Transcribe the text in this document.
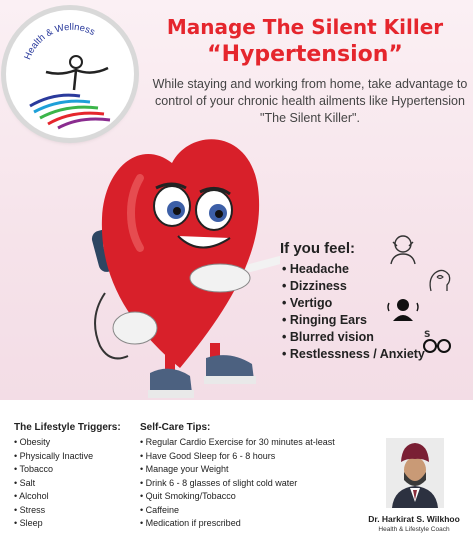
Health & Wellness	Manage The Silent Killer
“Hypertension”
While staying and working from home, take advantage to control of your chronic health ailments like Hypertension "The Silent Killer".
If you feel:
• Headache
• Dizziness
• Vertigo
• Ringing Ears
• Blurred vision
• Restlessness / Anxiety
S
The Lifestyle Triggers:
• Obesity
• Physically Inactive
• Tobacco
• Salt
• Alcohol
• Stress
• Sleep
Self-Care Tips:
• Regular Cardio Exercise for 30 minutes at-least
• Have Good Sleep for 6 - 8 hours
• Manage your Weight
• Drink 6 - 8 glasses of slight cold water
• Quit Smoking/Tobacco
• Caffeine
• Medication if prescribed	Dr. Harkirat S. Wilkhoo
Health & Lifestyle Coach
